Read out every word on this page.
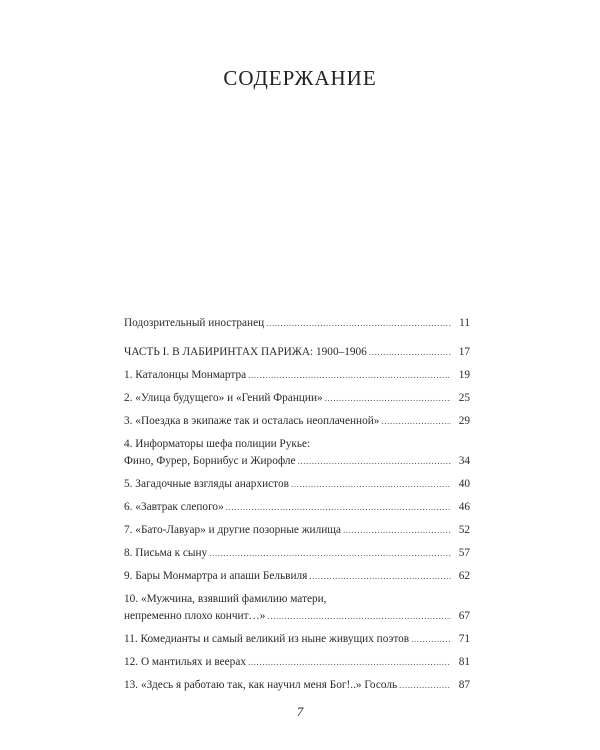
СОДЕРЖАНИЕ
Подозрительный иностранец .....	11
ЧАСТЬ I. В ЛАБИРИНТАХ ПАРИЖА: 1900–1906 .....	17
1. Каталонцы Монмартра .....	19
2. «Улица будущего» и «Гений Франции» .....	25
3. «Поездка в экипаже так и осталась неоплаченной» .....	29
4. Информаторы шефа полиции Рукье:
Фино, Фурер, Борнибус и Жирофле .....	34
5. Загадочные взгляды анархистов .....	40
6. «Завтрак слепого» .....	46
7. «Бато-Лавуар» и другие позорные жилища .....	52
8. Письма к сыну .....	57
9. Бары Монмартра и апаши Бельвиля .....	62
10. «Мужчина, взявший фамилию матери,
непременно плохо кончит…» .....	67
11. Комедианты и самый великий из ныне живущих поэтов .....	71
12. О мантильях и веерах .....	81
13. «Здесь я работаю так, как научил меня Бог!..» Госоль .....	87
7
